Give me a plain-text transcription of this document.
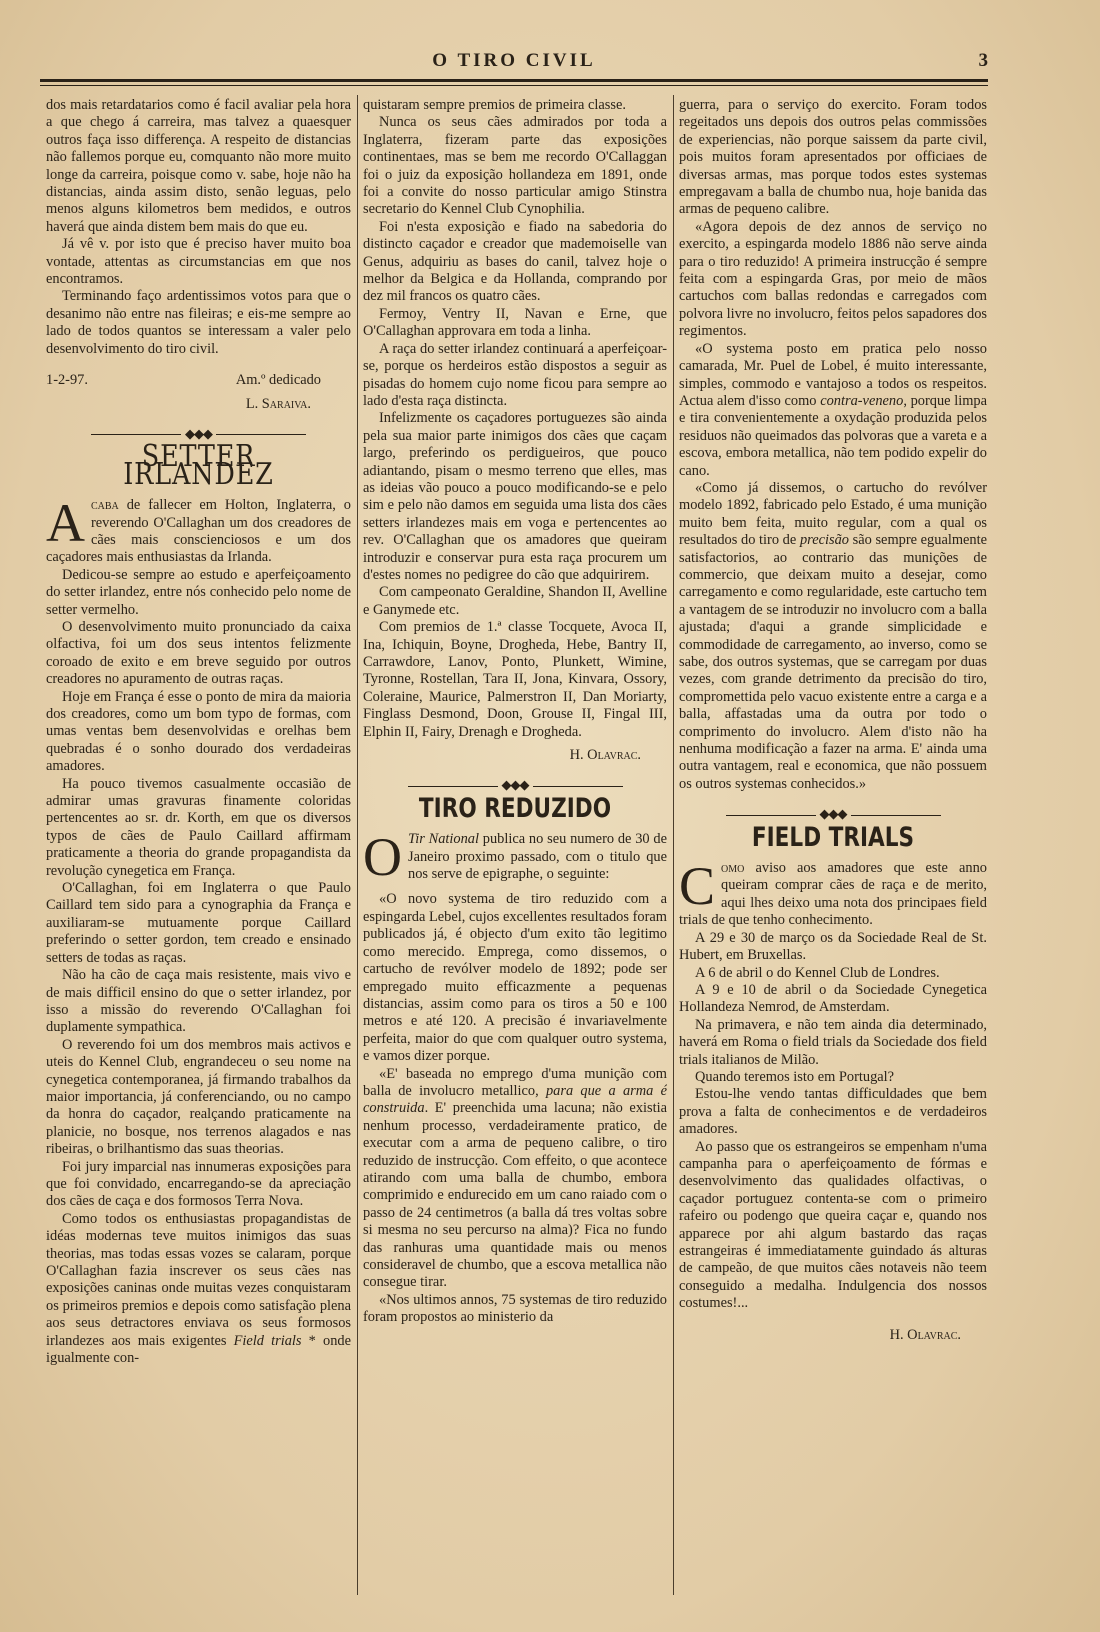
O TIRO CIVIL	3

dos mais retardatarios como é facil avaliar pela hora a que chego á carreira, mas talvez a quaesquer outros faça isso differença. A respeito de distancias não fallemos porque eu, comquanto não more muito longe da carreira, poisque como v. sabe, hoje não ha distancias, ainda assim disto, senão leguas, pelo menos alguns kilometros bem medidos, e outros haverá que ainda distem bem mais do que eu.

Já vê v. por isto que é preciso haver muito boa vontade, attentas as circumstancias em que nos encontramos.

Terminando faço ardentissimos votos para que o desanimo não entre nas fileiras; e eis-me sempre ao lado de todos quantos se interessam a valer pelo desenvolvimento do tiro civil.

1-2-97.	Am.º dedicado
L. Saraiva.
◆◆◆
SETTER IRLANDEZ

Acaba de fallecer em Holton, Inglaterra, o reverendo O'Callaghan um dos creadores de cães mais conscienciosos e um dos caçadores mais enthusiastas da Irlanda.

Dedicou-se sempre ao estudo e aperfeiçoamento do setter irlandez, entre nós conhecido pelo nome de setter vermelho.

O desenvolvimento muito pronunciado da caixa olfactiva, foi um dos seus intentos felizmente coroado de exito e em breve seguido por outros creadores no apuramento de outras raças.

Hoje em França é esse o ponto de mira da maioria dos creadores, como um bom typo de formas, com umas ventas bem desenvolvidas e orelhas bem quebradas é o sonho dourado dos verdadeiras amadores.

Ha pouco tivemos casualmente occasião de admirar umas gravuras finamente coloridas pertencentes ao sr. dr. Korth, em que os diversos typos de cães de Paulo Caillard affirmam praticamente a theoria do grande propagandista da revolução cynegetica em França.

O'Callaghan, foi em Inglaterra o que Paulo Caillard tem sido para a cynographia da França e auxiliaram-se mutuamente porque Caillard preferindo o setter gordon, tem creado e ensinado setters de todas as raças.

Não ha cão de caça mais resistente, mais vivo e de mais difficil ensino do que o setter irlandez, por isso a missão do reverendo O'Callaghan foi duplamente sympathica.

O reverendo foi um dos membros mais activos e uteis do Kennel Club, engrandeceu o seu nome na cynegetica contemporanea, já firmando trabalhos da maior importancia, já conferenciando, ou no campo da honra do caçador, realçando praticamente na planicie, no bosque, nos terrenos alagados e nas ribeiras, o brilhantismo das suas theorias.

Foi jury imparcial nas innumeras exposições para que foi convidado, encarregando-se da apreciação dos cães de caça e dos formosos Terra Nova.

Como todos os enthusiastas propagandistas de idéas modernas teve muitos inimigos das suas theorias, mas todas essas vozes se calaram, porque O'Callaghan fazia inscrever os seus cães nas exposições caninas onde muitas vezes conquistaram os primeiros premios e depois como satisfação plena aos seus detractores enviava os seus formosos irlandezes aos mais exigentes Field trials * onde igualmente con-

quistaram sempre premios de primeira classe.

Nunca os seus cães admirados por toda a Inglaterra, fizeram parte das exposições continentaes, mas se bem me recordo O'Callaggan foi o juiz da exposição hollandeza em 1891, onde foi a convite do nosso particular amigo Stinstra secretario do Kennel Club Cynophilia.

Foi n'esta exposição e fiado na sabedoria do distincto caçador e creador que mademoiselle van Genus, adquiriu as bases do canil, talvez hoje o melhor da Belgica e da Hollanda, comprando por dez mil francos os quatro cães.

Fermoy, Ventry II, Navan e Erne, que O'Callaghan approvara em toda a linha.

A raça do setter irlandez continuará a aperfeiçoar-se, porque os herdeiros estão dispostos a seguir as pisadas do homem cujo nome ficou para sempre ao lado d'esta raça distincta.

Infelizmente os caçadores portuguezes são ainda pela sua maior parte inimigos dos cães que caçam largo, preferindo os perdigueiros, que pouco adiantando, pisam o mesmo terreno que elles, mas as ideias vão pouco a pouco modificando-se e pelo sim e pelo não damos em seguida uma lista dos cães setters irlandezes mais em voga e pertencentes ao rev. O'Callaghan que os amadores que queiram introduzir e conservar pura esta raça procurem um d'estes nomes no pedigree do cão que adquirirem.

Com campeonato Geraldine, Shandon II, Avelline e Ganymede etc.

Com premios de 1.ª classe Tocquete, Avoca II, Ina, Ichiquin, Boyne, Drogheda, Hebe, Bantry II, Carrawdore, Lanov, Ponto, Plunkett, Wimine, Tyronne, Rostellan, Tara II, Jona, Kinvara, Ossory, Coleraine, Maurice, Palmerstron II, Dan Moriarty, Finglass Desmond, Doon, Grouse II, Fingal III, Elphin II, Fairy, Drenagh e Drogheda.

H. Olavrac.
◆◆◆
TIRO REDUZIDO

O Tir National publica no seu numero de 30 de Janeiro proximo passado, com o titulo que nos serve de epigraphe, o seguinte:

«O novo systema de tiro reduzido com a espingarda Lebel, cujos excellentes resultados foram publicados já, é objecto d'um exito tão legitimo como merecido. Emprega, como dissemos, o cartucho de revólver modelo de 1892; pode ser empregado muito efficazmente a pequenas distancias, assim como para os tiros a 50 e 100 metros e até 120. A precisão é invariavelmente perfeita, maior do que com qualquer outro systema, e vamos dizer porque.

«E' baseada no emprego d'uma munição com balla de involucro metallico, para que a arma é construida. E' preenchida uma lacuna; não existia nenhum processo, verdadeiramente pratico, de executar com a arma de pequeno calibre, o tiro reduzido de instrucção. Com effeito, o que acontece atirando com uma balla de chumbo, embora comprimido e endurecido em um cano raiado com o passo de 24 centimetros (a balla dá tres voltas sobre si mesma no seu percurso na alma)? Fica no fundo das ranhuras uma quantidade mais ou menos consideravel de chumbo, que a escova metallica não consegue tirar.

«Nos ultimos annos, 75 systemas de tiro reduzido foram propostos ao ministerio da

guerra, para o serviço do exercito. Foram todos regeitados uns depois dos outros pelas commissões de experiencias, não porque saissem da parte civil, pois muitos foram apresentados por officiaes de diversas armas, mas porque todos estes systemas empregavam a balla de chumbo nua, hoje banida das armas de pequeno calibre.

«Agora depois de dez annos de serviço no exercito, a espingarda modelo 1886 não serve ainda para o tiro reduzido! A primeira instrucção é sempre feita com a espingarda Gras, por meio de mãos cartuchos com ballas redondas e carregados com polvora livre no involucro, feitos pelos sapadores dos regimentos.

«O systema posto em pratica pelo nosso camarada, Mr. Puel de Lobel, é muito interessante, simples, commodo e vantajoso a todos os respeitos. Actua alem d'isso como contra-veneno, porque limpa e tira convenientemente a oxydação produzida pelos residuos não queimados das polvoras que a vareta e a escova, embora metallica, não tem podido expelir do cano.

«Como já dissemos, o cartucho do revólver modelo 1892, fabricado pelo Estado, é uma munição muito bem feita, muito regular, com a qual os resultados do tiro de precisão são sempre egualmente satisfactorios, ao contrario das munições de commercio, que deixam muito a desejar, como carregamento e como regularidade, este cartucho tem a vantagem de se introduzir no involucro com a balla ajustada; d'aqui a grande simplicidade e commodidade de carregamento, ao inverso, como se sabe, dos outros systemas, que se carregam por duas vezes, com grande detrimento da precisão do tiro, compromettida pelo vacuo existente entre a carga e a balla, affastadas uma da outra por todo o comprimento do involucro. Alem d'isto não ha nenhuma modificação a fazer na arma. E' ainda uma outra vantagem, real e economica, que não possuem os outros systemas conhecidos.»

◆◆◆
FIELD TRIALS

Como aviso aos amadores que este anno queiram comprar cães de raça e de merito, aqui lhes deixo uma nota dos principaes field trials de que tenho conhecimento.

A 29 e 30 de março os da Sociedade Real de St. Hubert, em Bruxellas.

A 6 de abril o do Kennel Club de Londres.

A 9 e 10 de abril o da Sociedade Cynegetica Hollandeza Nemrod, de Amsterdam.

Na primavera, e não tem ainda dia determinado, haverá em Roma o field trials da Sociedade dos field trials italianos de Milão.

Quando teremos isto em Portugal?

Estou-lhe vendo tantas difficuldades que bem prova a falta de conhecimentos e de verdadeiros amadores.

Ao passo que os estrangeiros se empenham n'uma campanha para o aperfeiçoamento de fórmas e desenvolvimento das qualidades olfactivas, o caçador portuguez contenta-se com o primeiro rafeiro ou podengo que queira caçar e, quando nos apparece por ahi algum bastardo das raças estrangeiras é immediatamente guindado ás alturas de campeão, de que muitos cães notaveis não teem conseguido a medalha. Indulgencia dos nossos costumes!...

H. Olavrac.
